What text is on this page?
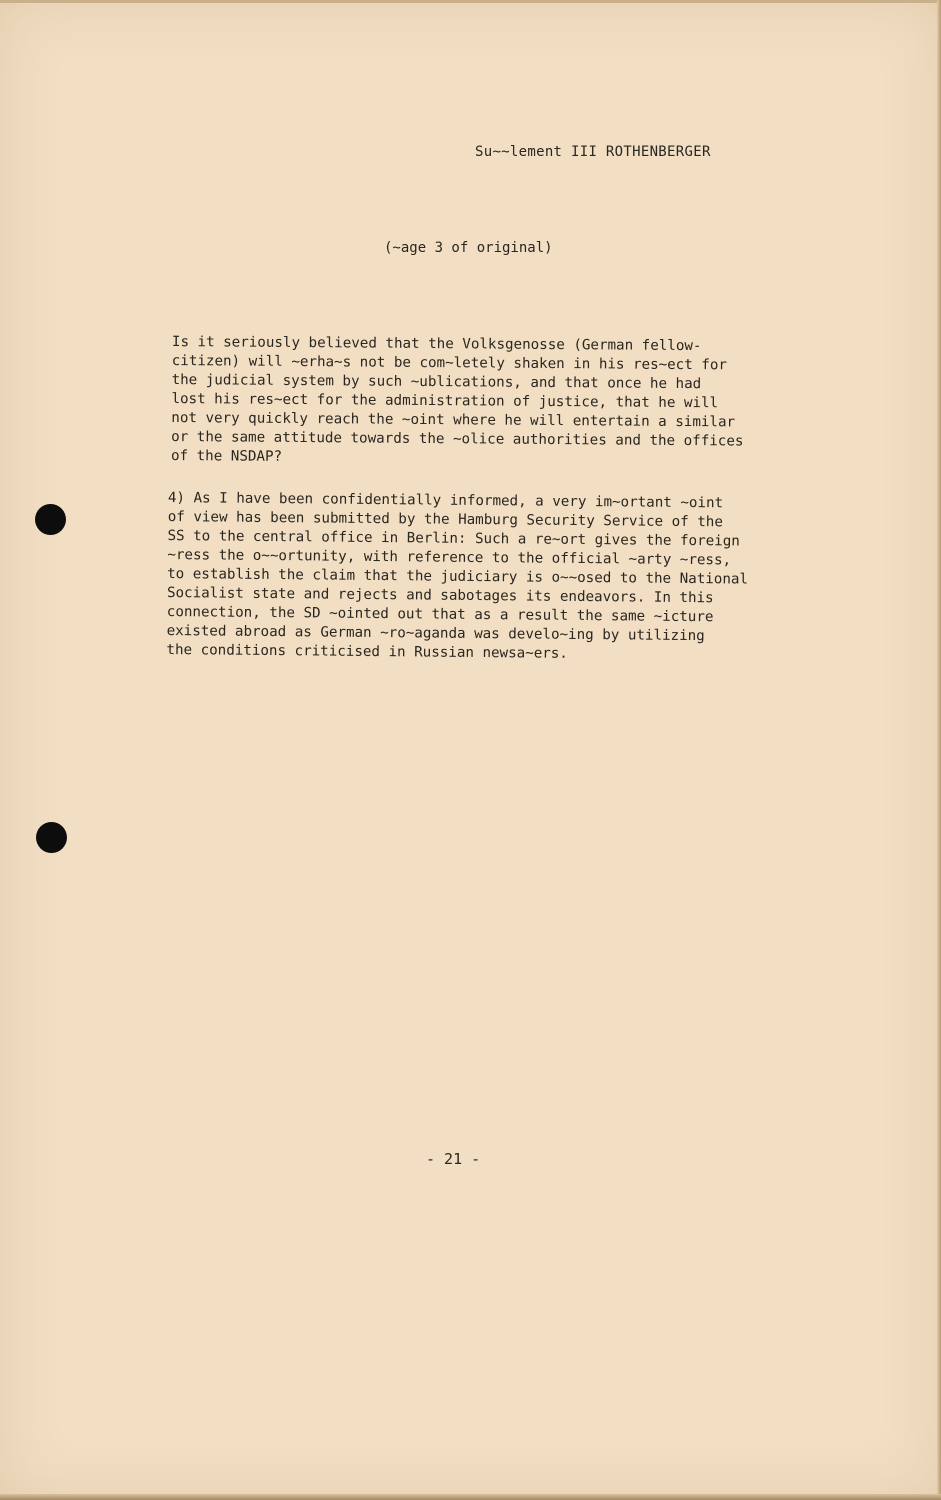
Su~~lement III ROTHENBERGER
(~age 3 of original)
Is it seriously believed that the Volksgenosse (German fellow-
citizen) will ~erha~s not be com~letely shaken in his res~ect for
the judicial system by such ~ublications, and that once he had
lost his res~ect for the administration of justice, that he will
not very quickly reach the ~oint where he will entertain a similar
or the same attitude towards the ~olice authorities and the offices
of the NSDAP?
4) As I have been confidentially informed, a very im~ortant ~oint
of view has been submitted by the Hamburg Security Service of the
SS to the central office in Berlin: Such a re~ort gives the foreign
~ress the o~~ortunity, with reference to the official ~arty ~ress,
to establish the claim that the judiciary is o~~osed to the National
Socialist state and rejects and sabotages its endeavors. In this
connection, the SD ~ointed out that as a result the same ~icture
existed abroad as German ~ro~aganda was develo~ing by utilizing
the conditions criticised in Russian newsa~ers.
- 21 -
